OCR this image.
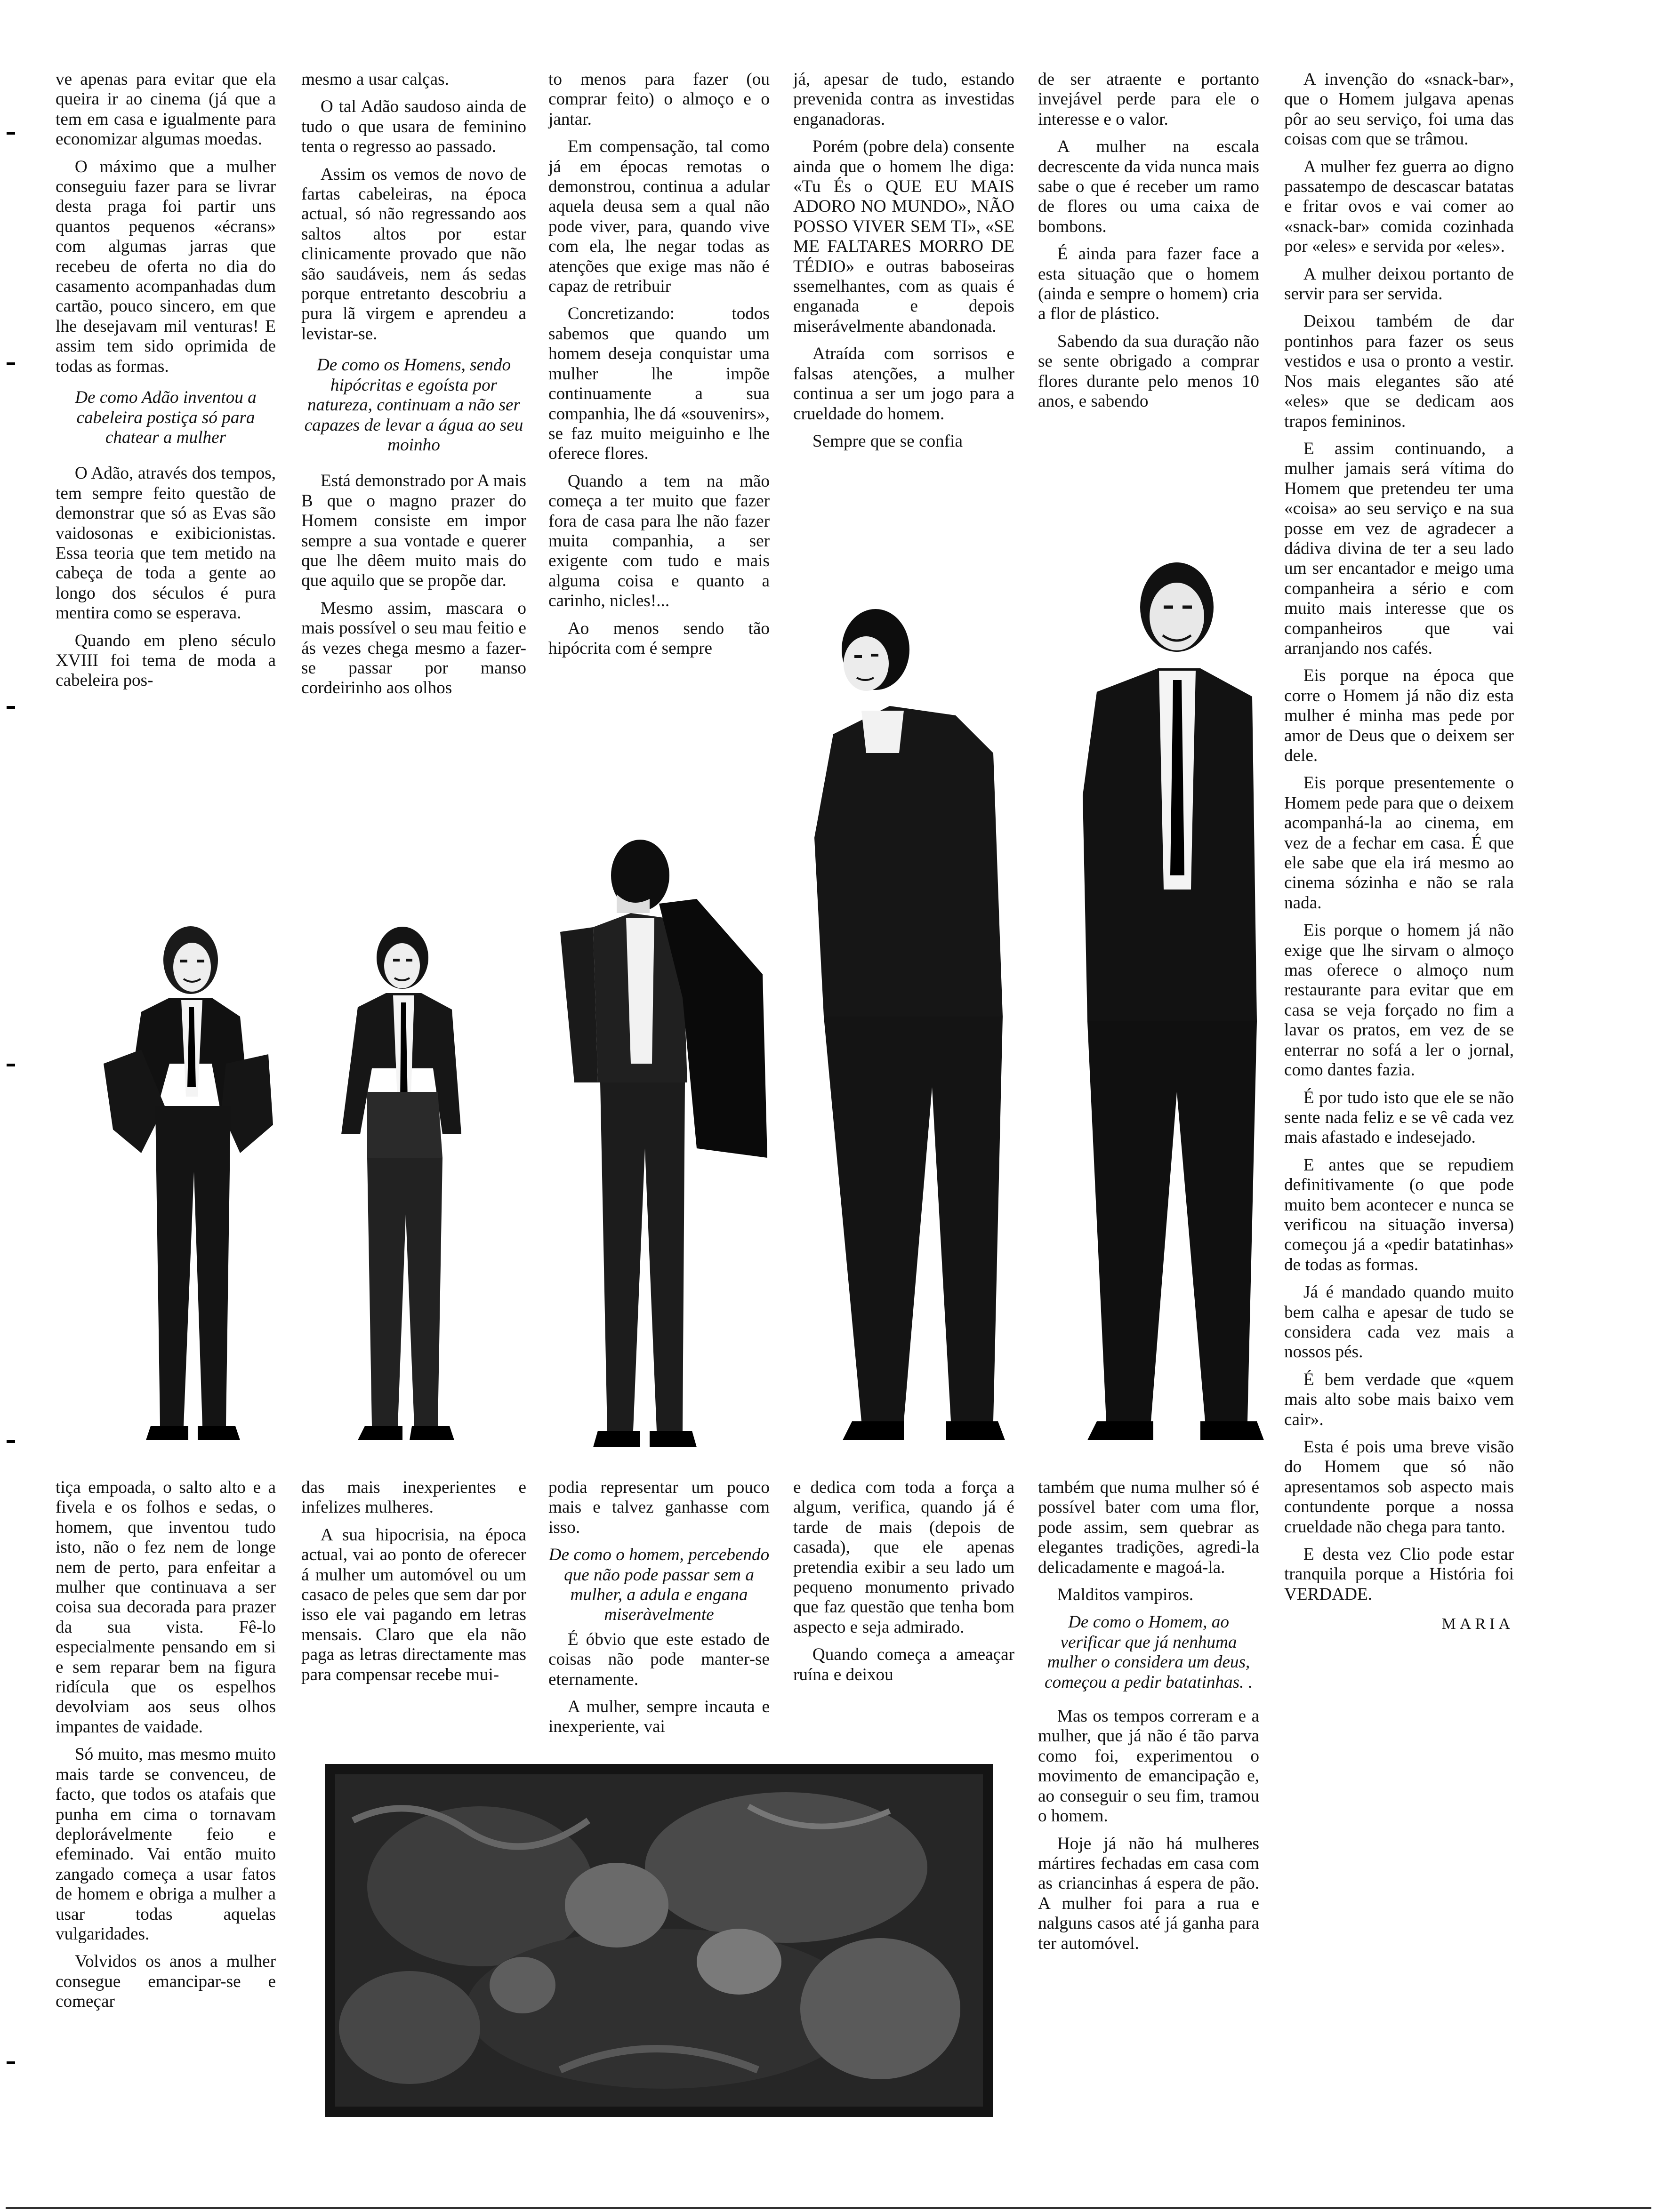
ve apenas para evitar que ela queira ir ao cinema (já que a tem em casa e igualmente para economizar algumas moedas.

O máximo que a mulher conseguiu fazer para se livrar desta praga foi partir uns quantos pequenos «écrans» com algumas jarras que recebeu de oferta no dia do casamento acompanhadas dum cartão, pouco sincero, em que lhe desejavam mil venturas! E assim tem sido oprimida de todas as formas.

De como Adão inventou a cabeleira postiça só para chatear a mulher

O Adão, através dos tempos, tem sempre feito questão de demonstrar que só as Evas são vaidosonas e exibicionistas. Essa teoria que tem metido na cabeça de toda a gente ao longo dos séculos é pura mentira como se esperava.

Quando em pleno século XVIII foi tema de moda a cabeleira pos-

mesmo a usar calças.

O tal Adão saudoso ainda de tudo o que usara de feminino tenta o regresso ao passado.

Assim os vemos de novo de fartas cabeleiras, na época actual, só não regressando aos saltos altos por estar clinicamente provado que não são saudáveis, nem ás sedas porque entretanto descobriu a pura lã virgem e aprendeu a levistar-se.

De como os Homens, sendo hipócritas e egoísta por natureza, continuam a não ser capazes de levar a água ao seu moinho

Está demonstrado por A mais B que o magno prazer do Homem consiste em impor sempre a sua vontade e querer que lhe dêem muito mais do que aquilo que se propõe dar.

Mesmo assim, mascara o mais possível o seu mau feitio e ás vezes chega mesmo a fazer-se passar por manso cordeirinho aos olhos

to menos para fazer (ou comprar feito) o almoço e o jantar.

Em compensação, tal como já em épocas remotas o demonstrou, continua a adular aquela deusa sem a qual não pode viver, para, quando vive com ela, lhe negar todas as atenções que exige mas não é capaz de retribuir

Concretizando: todos sabemos que quando um homem deseja conquistar uma mulher lhe impõe continuamente a sua companhia, lhe dá «souvenirs», se faz muito meiguinho e lhe oferece flores.

Quando a tem na mão começa a ter muito que fazer fora de casa para lhe não fazer muita companhia, a ser exigente com tudo e mais alguma coisa e quanto a carinho, nicles!...

Ao menos sendo tão hipócrita com é sempre

já, apesar de tudo, estando prevenida contra as investidas enganadoras.

Porém (pobre dela) consente ainda que o homem lhe diga: «Tu És o QUE EU MAIS ADORO NO MUNDO», NÃO POSSO VIVER SEM TI», «SE ME FALTARES MORRO DE TÉDIO» e outras baboseiras ssemelhantes, com as quais é enganada e depois miserávelmente abandonada.

Atraída com sorrisos e falsas atenções, a mulher continua a ser um jogo para a crueldade do homem.

Sempre que se confia

de ser atraente e portanto invejável perde para ele o interesse e o valor.

A mulher na escala decrescente da vida nunca mais sabe o que é receber um ramo de flores ou uma caixa de bombons.

É ainda para fazer face a esta situação que o homem (ainda e sempre o homem) cria a flor de plástico.

Sabendo da sua duração não se sente obrigado a comprar flores durante pelo menos 10 anos, e sabendo

A invenção do «snack-bar», que o Homem julgava apenas pôr ao seu serviço, foi uma das coisas com que se trâmou.

A mulher fez guerra ao digno passatempo de descascar batatas e fritar ovos e vai comer ao «snack-bar» comida cozinhada por «eles» e servida por «eles».

A mulher deixou portanto de servir para ser servida.

Deixou também de dar pontinhos para fazer os seus vestidos e usa o pronto a vestir. Nos mais elegantes são até «eles» que se dedicam aos trapos femininos.

E assim continuando, a mulher jamais será vítima do Homem que pretendeu ter uma «coisa» ao seu serviço e na sua posse em vez de agradecer a dádiva divina de ter a seu lado um ser encantador e meigo uma companheira a sério e com muito mais interesse que os companheiros que vai arranjando nos cafés.

Eis porque na época que corre o Homem já não diz esta mulher é minha mas pede por amor de Deus que o deixem ser dele.

Eis porque presentemente o Homem pede para que o deixem acompanhá-la ao cinema, em vez de a fechar em casa. É que ele sabe que ela irá mesmo ao cinema sózinha e não se rala nada.

Eis porque o homem já não exige que lhe sirvam o almoço mas oferece o almoço num restaurante para evitar que em casa se veja forçado no fim a lavar os pratos, em vez de se enterrar no sofá a ler o jornal, como dantes fazia.

É por tudo isto que ele se não sente nada feliz e se vê cada vez mais afastado e indesejado.

E antes que se repudiem definitivamente (o que pode muito bem acontecer e nunca se verificou na situação inversa) começou já a «pedir batatinhas» de todas as formas.

Já é mandado quando muito bem calha e apesar de tudo se considera cada vez mais a nossos pés.

É bem verdade que «quem mais alto sobe mais baixo vem cair».

Esta é pois uma breve visão do Homem que só não apresentamos sob aspecto mais contundente porque a nossa crueldade não chega para tanto.

E desta vez Clio pode estar tranquila porque a História foi VERDADE.

MARIA

tiça empoada, o salto alto e a fivela e os folhos e sedas, o homem, que inventou tudo isto, não o fez nem de longe nem de perto, para enfeitar a mulher que continuava a ser coisa sua decorada para prazer da sua vista. Fê-lo especialmente pensando em si e sem reparar bem na figura ridícula que os espelhos devolviam aos seus olhos impantes de vaidade.

Só muito, mas mesmo muito mais tarde se convenceu, de facto, que todos os atafais que punha em cima o tornavam deplorávelmente feio e efeminado. Vai então muito zangado começa a usar fatos de homem e obriga a mulher a usar todas aquelas vulgaridades.

Volvidos os anos a mulher consegue emancipar-se e começar

das mais inexperientes e infelizes mulheres.

A sua hipocrisia, na época actual, vai ao ponto de oferecer á mulher um automóvel ou um casaco de peles que sem dar por isso ele vai pagando em letras mensais. Claro que ela não paga as letras directamente mas para compensar recebe mui-

podia representar um pouco mais e talvez ganhasse com isso.

De como o homem, percebendo que não pode passar sem a mulher, a adula e engana miseràvelmente

É óbvio que este estado de coisas não pode manter-se eternamente.

A mulher, sempre incauta e inexperiente, vai

e dedica com toda a força a algum, verifica, quando já é tarde de mais (depois de casada), que ele apenas pretendia exibir a seu lado um pequeno monumento privado que faz questão que tenha bom aspecto e seja admirado.

Quando começa a ameaçar ruína e deixou

também que numa mulher só é possível bater com uma flor, pode assim, sem quebrar as elegantes tradições, agredi-la delicadamente e magoá-la.

Malditos vampiros.

De como o Homem, ao verificar que já nenhuma mulher o considera um deus, começou a pedir batatinhas. .

Mas os tempos correram e a mulher, que já não é tão parva como foi, experimentou o movimento de emancipação e, ao conseguir o seu fim, tramou o homem.

Hoje já não há mulheres mártires fechadas em casa com as criancinhas á espera de pão. A mulher foi para a rua e nalguns casos até já ganha para ter automóvel.
